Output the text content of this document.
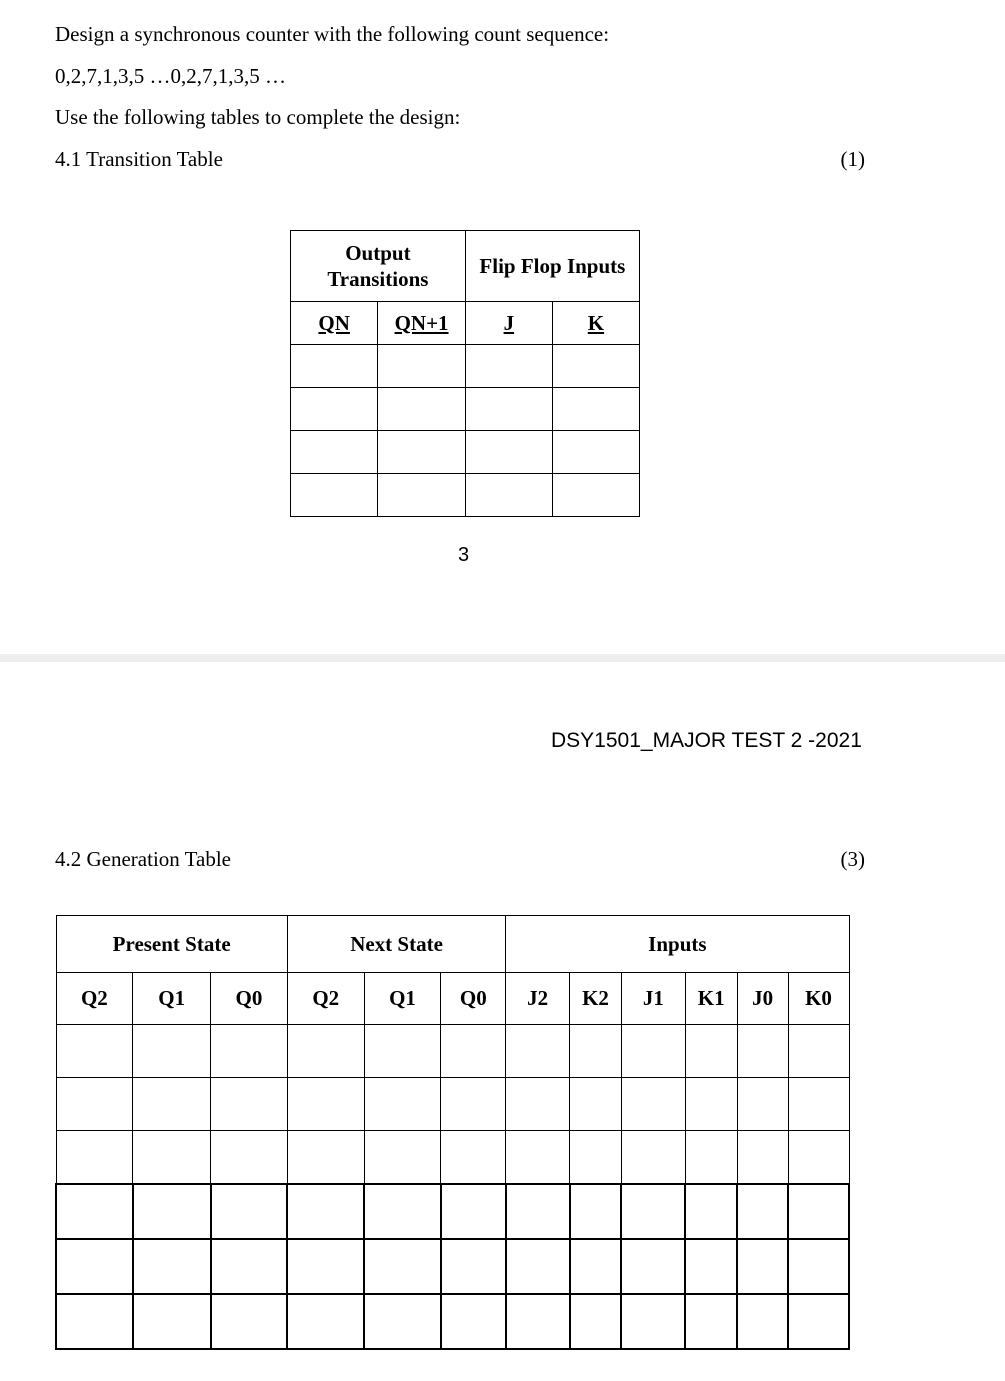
Design a synchronous counter with the following count sequence:
0,2,7,1,3,5 …0,2,7,1,3,5 …
Use the following tables to complete the design:
4.1 Transition Table	(1)
Output Transitions		Flip Flop Inputs	
QN	QN+1	J	K

3
DSY1501_MAJOR TEST 2 -2021
4.2 Generation Table	(3)
Present State			Next State			Inputs					
Q2	Q1	Q0	Q2	Q1	Q0	J2	K2	J1	K1	J0	K0
